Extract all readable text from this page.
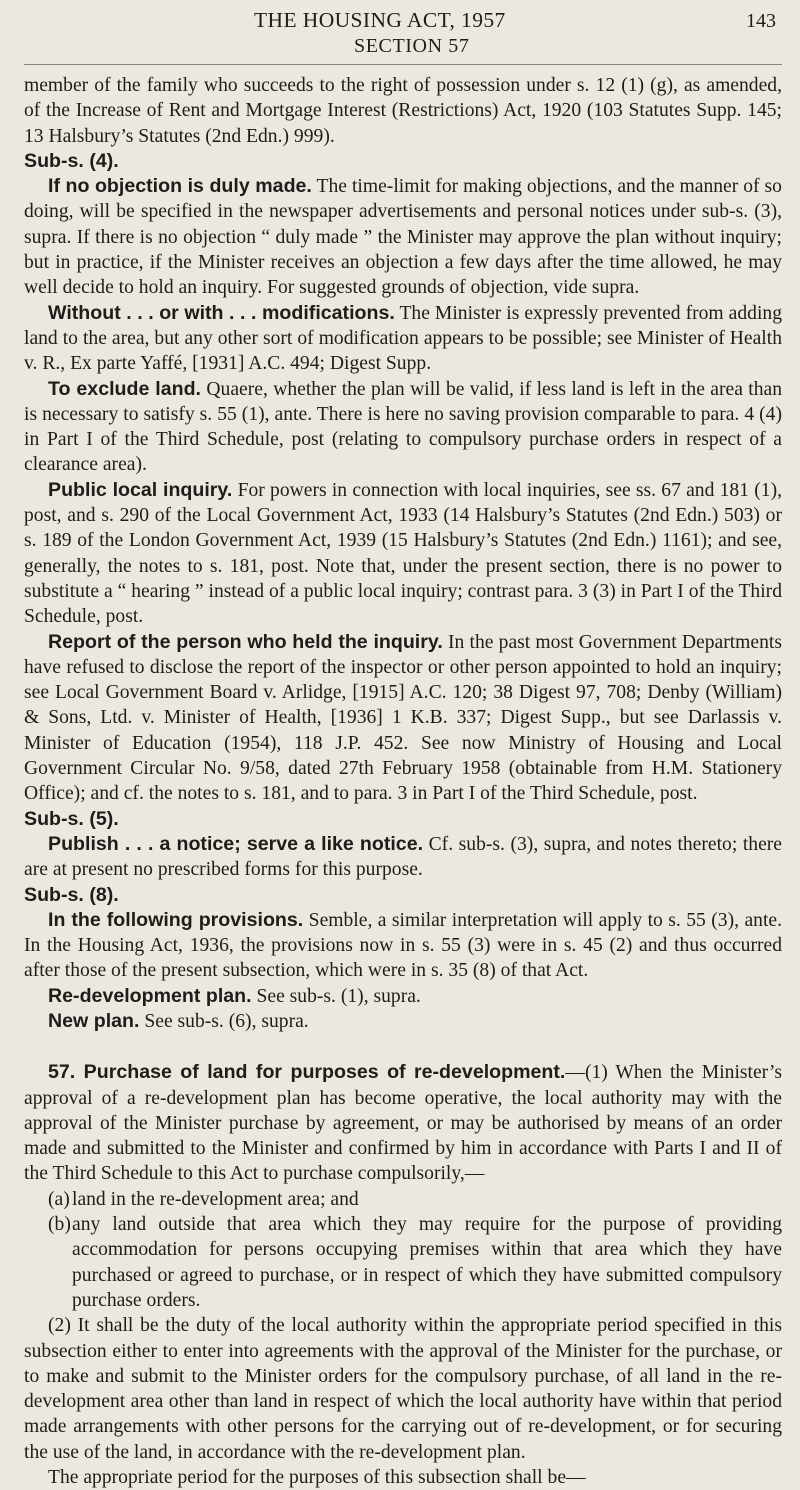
THE HOUSING ACT, 1957	143
SECTION 57

member of the family who succeeds to the right of possession under s. 12 (1) (g), as amended, of the Increase of Rent and Mortgage Interest (Restrictions) Act, 1920 (103 Statutes Supp. 145; 13 Halsbury’s Statutes (2nd Edn.) 999).

Sub-s. (4).

If no objection is duly made. The time-limit for making objections, and the manner of so doing, will be specified in the newspaper advertisements and personal notices under sub-s. (3), supra. If there is no objection “ duly made ” the Minister may approve the plan without inquiry; but in practice, if the Minister receives an objection a few days after the time allowed, he may well decide to hold an inquiry. For suggested grounds of objection, vide supra.

Without . . . or with . . . modifications. The Minister is expressly prevented from adding land to the area, but any other sort of modification appears to be possible; see Minister of Health v. R., Ex parte Yaffé, [1931] A.C. 494; Digest Supp.

To exclude land. Quaere, whether the plan will be valid, if less land is left in the area than is necessary to satisfy s. 55 (1), ante. There is here no saving provision comparable to para. 4 (4) in Part I of the Third Schedule, post (relating to compulsory purchase orders in respect of a clearance area).

Public local inquiry. For powers in connection with local inquiries, see ss. 67 and 181 (1), post, and s. 290 of the Local Government Act, 1933 (14 Halsbury’s Statutes (2nd Edn.) 503) or s. 189 of the London Government Act, 1939 (15 Halsbury’s Statutes (2nd Edn.) 1161); and see, generally, the notes to s. 181, post. Note that, under the present section, there is no power to substitute a “ hearing ” instead of a public local inquiry; contrast para. 3 (3) in Part I of the Third Schedule, post.

Report of the person who held the inquiry. In the past most Government Departments have refused to disclose the report of the inspector or other person appointed to hold an inquiry; see Local Government Board v. Arlidge, [1915] A.C. 120; 38 Digest 97, 708; Denby (William) & Sons, Ltd. v. Minister of Health, [1936] 1 K.B. 337; Digest Supp., but see Darlassis v. Minister of Education (1954), 118 J.P. 452. See now Ministry of Housing and Local Government Circular No. 9/58, dated 27th February 1958 (obtainable from H.M. Stationery Office); and cf. the notes to s. 181, and to para. 3 in Part I of the Third Schedule, post.

Sub-s. (5).

Publish . . . a notice; serve a like notice. Cf. sub-s. (3), supra, and notes thereto; there are at present no prescribed forms for this purpose.

Sub-s. (8).

In the following provisions. Semble, a similar interpretation will apply to s. 55 (3), ante. In the Housing Act, 1936, the provisions now in s. 55 (3) were in s. 45 (2) and thus occurred after those of the present subsection, which were in s. 35 (8) of that Act.

Re-development plan. See sub-s. (1), supra.

New plan. See sub-s. (6), supra.

57. Purchase of land for purposes of re-development.—(1) When the Minister’s approval of a re-development plan has become operative, the local authority may with the approval of the Minister purchase by agreement, or may be authorised by means of an order made and submitted to the Minister and confirmed by him in accordance with Parts I and II of the Third Schedule to this Act to purchase compulsorily,—

(a) land in the re-development area; and
(b) any land outside that area which they may require for the purpose of providing accommodation for persons occupying premises within that area which they have purchased or agreed to purchase, or in respect of which they have submitted compulsory purchase orders.

(2) It shall be the duty of the local authority within the appropriate period specified in this subsection either to enter into agreements with the approval of the Minister for the purchase, or to make and submit to the Minister orders for the compulsory purchase, of all land in the re-development area other than land in respect of which the local authority have within that period made arrangements with other persons for the carrying out of re-development, or for securing the use of the land, in accordance with the re-development plan.

The appropriate period for the purposes of this subsection shall be—
